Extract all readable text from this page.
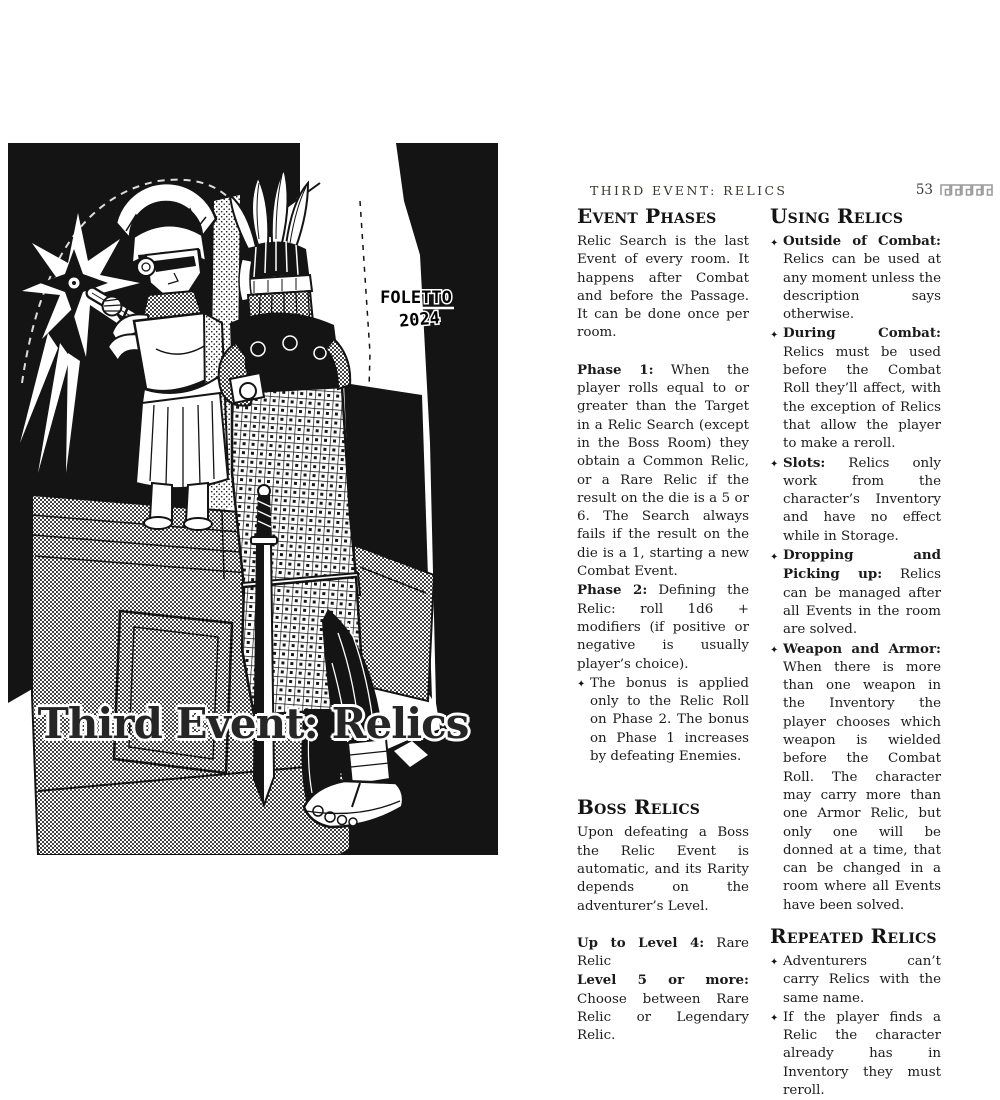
FOLETTO
2024
Third Event: Relics
THIRD EVENT: RELICS	53
Event Phases

Relic Search is the last Event of every room. It happens after Combat and before the Passage. It can be done once per room.

Phase 1: When the player rolls equal to or greater than the Target in a Relic Search (except in the Boss Room) they obtain a Common Relic, or a Rare Relic if the result on the die is a 5 or 6. The Search always fails if the result on the die is a 1, starting a new Combat Event.

Phase 2: Defining the Relic: roll 1d6 + modifiers (if positive or negative is usually player’s choice).

✦ The bonus is applied only to the Relic Roll on Phase 2. The bonus on Phase 1 increases by defeating Enemies.
Boss Relics

Upon defeating a Boss the Relic Event is automatic, and its Rarity depends on the adventurer’s Level.

Up to Level 4: Rare Relic

Level 5 or more: Choose between Rare Relic or Legendary Relic.

Using Relics
✦ Outside of Combat: Relics can be used at any moment unless the description says otherwise.
✦ During Combat: Relics must be used before the Combat Roll they’ll affect, with the exception of Relics that allow the player to make a reroll.
✦ Slots: Relics only work from the character’s Inventory and have no effect while in Storage.
✦ Dropping and Picking up: Relics can be managed after all Events in the room are solved.
✦ Weapon and Armor: When there is more than one weapon in the Inventory the player chooses which weapon is wielded before the Combat Roll. The character may carry more than one Armor Relic, but only one will be donned at a time, that can be changed in a room where all Events have been solved.
Repeated Relics
✦ Adventurers can’t carry Relics with the same name.
✦ If the player finds a Relic the character already has in Inventory they must reroll.
